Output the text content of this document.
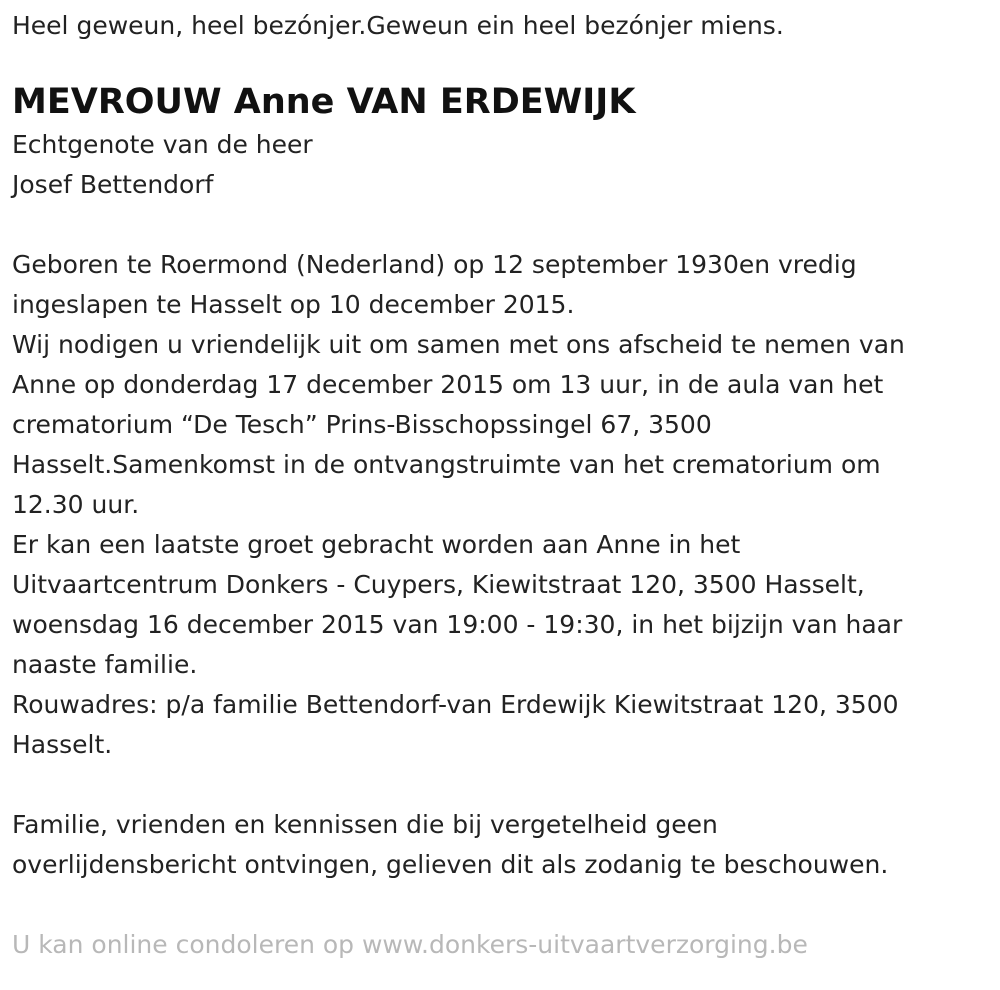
Heel geweun, heel bezónjer.Geweun ein heel bezónjer miens.

MEVROUW Anne VAN ERDEWIJK

Echtgenote van de heer

Josef Bettendorf

Geboren te Roermond (Nederland) op 12 september 1930en vredig

ingeslapen te Hasselt op 10 december 2015.

Wij nodigen u vriendelijk uit om samen met ons afscheid te nemen van

Anne op donderdag 17 december 2015 om 13 uur, in de aula van het

crematorium “De Tesch” Prins-Bisschopssingel 67, 3500

Hasselt.Samenkomst in de ontvangstruimte van het crematorium om

12.30 uur.

Er kan een laatste groet gebracht worden aan Anne in het

Uitvaartcentrum Donkers - Cuypers, Kiewitstraat 120, 3500 Hasselt,

woensdag 16 december 2015 van 19:00 - 19:30, in het bijzijn van haar

naaste familie.

Rouwadres: p/a familie Bettendorf-van Erdewijk Kiewitstraat 120, 3500

Hasselt.

Familie, vrienden en kennissen die bij vergetelheid geen

overlijdensbericht ontvingen, gelieven dit als zodanig te beschouwen.

U kan online condoleren op www.donkers-uitvaartverzorging.be
